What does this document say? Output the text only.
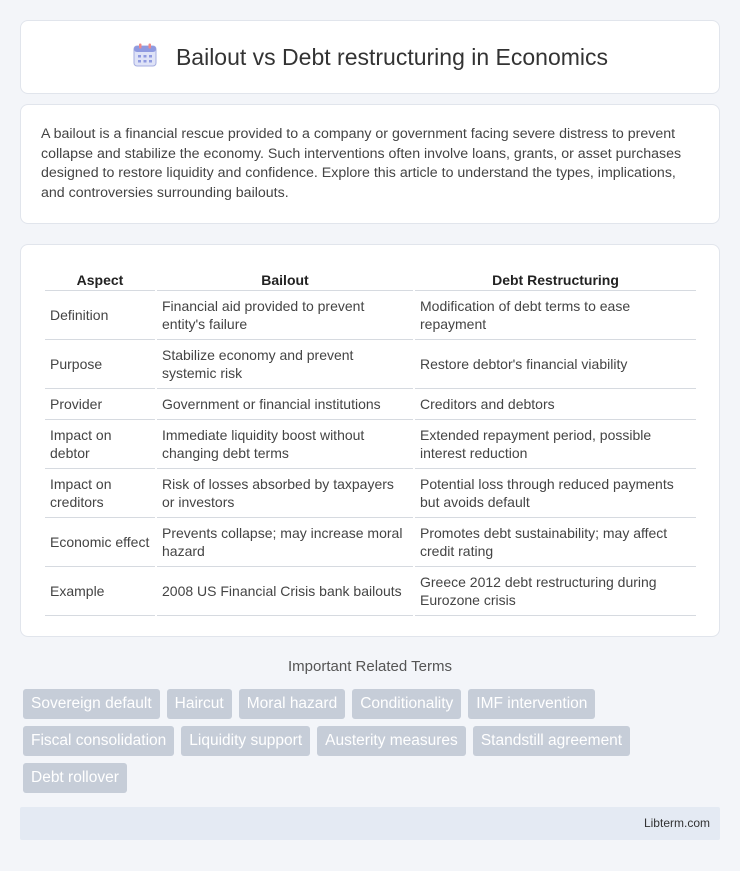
Bailout vs Debt restructuring in Economics

A bailout is a financial rescue provided to a company or government facing severe distress to prevent collapse and stabilize the economy. Such interventions often involve loans, grants, or asset purchases designed to restore liquidity and confidence. Explore this article to understand the types, implications, and controversies surrounding bailouts.

Aspect	Bailout	Debt Restructuring
Definition	Financial aid provided to prevent entity's failure	Modification of debt terms to ease repayment
Purpose	Stabilize economy and prevent systemic risk	Restore debtor's financial viability
Provider	Government or financial institutions	Creditors and debtors
Impact on debtor	Immediate liquidity boost without changing debt terms	Extended repayment period, possible interest reduction
Impact on creditors	Risk of losses absorbed by taxpayers or investors	Potential loss through reduced payments but avoids default
Economic effect	Prevents collapse; may increase moral hazard	Promotes debt sustainability; may affect credit rating
Example	2008 US Financial Crisis bank bailouts	Greece 2012 debt restructuring during Eurozone crisis
Important Related Terms
Sovereign default	Haircut	Moral hazard	Conditionality	IMF intervention
Fiscal consolidation	Liquidity support	Austerity measures	Standstill agreement
Debt rollover
Libterm.com
